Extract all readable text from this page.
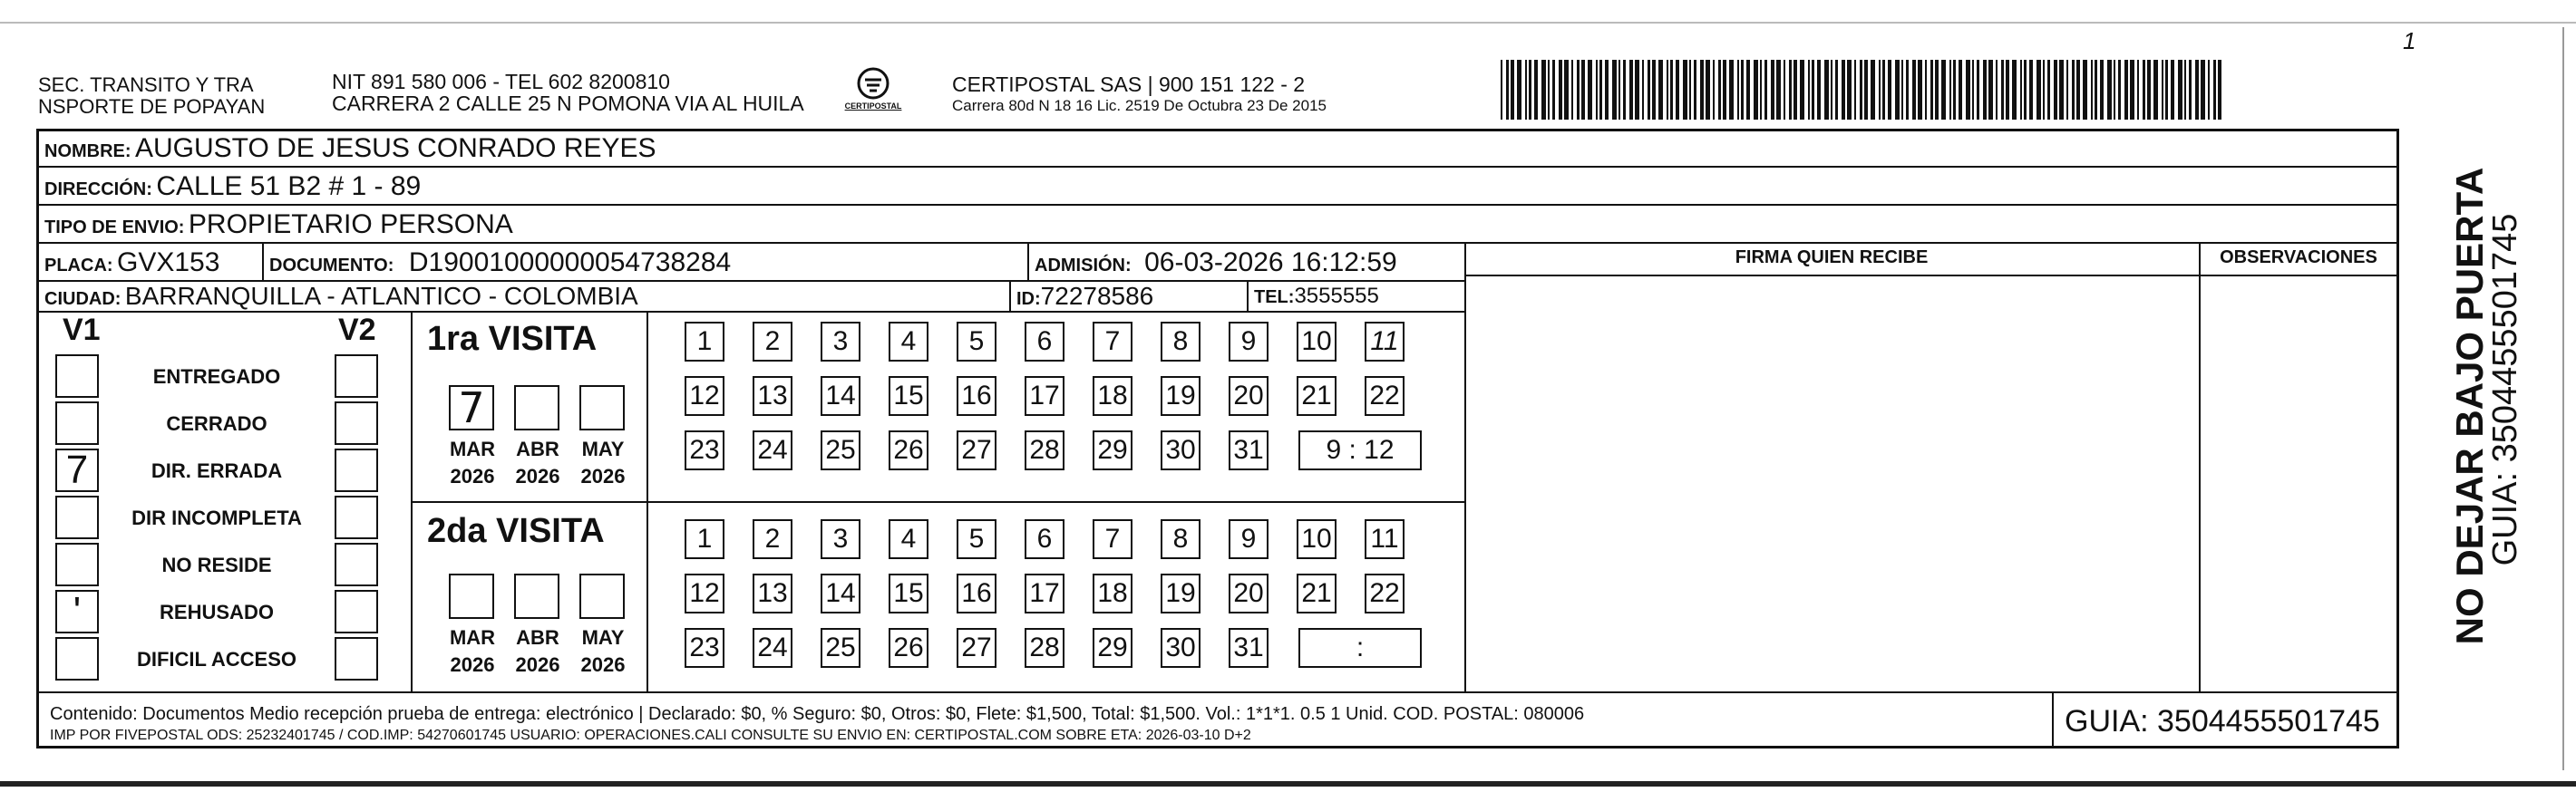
SEC. TRANSITO Y TRA
NSPORTE DE POPAYAN
NIT 891 580 006 - TEL 602 8200810
CARRERA 2 CALLE 25 N POMONA VIA AL HUILA	CERTIPOSTAL
CERTIPOSTAL SAS | 900 151 122 - 2
Carrera 80d N 18 16 Lic. 2519 De Octubra 23 De 2015
1
NOMBRE: AUGUSTO DE JESUS CONRADO REYES
DIRECCIÓN: CALLE 51 B2 # 1 - 89
TIPO DE ENVIO: PROPIETARIO PERSONA
FIRMA QUIEN RECIBE	OBSERVACIONES
PLACA: GVX153	DOCUMENTO: D19001000000054738284	ADMISIÓN: 06-03-2026 16:12:59
CIUDAD: BARRANQUILLA - ATLANTICO - COLOMBIA	ID:72278586	TEL:3555555
V1	V2
ENTREGADO
CERRADO
7	DIR. ERRADA
DIR INCOMPLETA
NO RESIDE
'	REHUSADO
DIFICIL ACCESO
1ra VISITA
2da VISITA
7
MAR
2026
ABR
2026
MAY
2026
MAR
2026
ABR
2026
MAY
2026
1	2	3	4	5	6	7	8	9	10 11
12 13 14 15 16 17 18 19 20 21 22
23 24 25 26 27 28 29 30 31	9 : 12
1	2	3	4	5	6	7	8	9	10 11
12 13 14 15 16 17 18 19 20 21 22
23 24 25 26 27 28 29 30 31	:
Contenido: Documentos Medio recepción prueba de entrega: electrónico | Declarado: $0, % Seguro: $0, Otros: $0, Flete: $1,500, Total: $1,500. Vol.: 1*1*1. 0.5 1 Unid. COD. POSTAL: 080006
IMP POR FIVEPOSTAL ODS: 25232401745 / COD.IMP: 54270601745 USUARIO: OPERACIONES.CALI CONSULTE SU ENVIO EN: CERTIPOSTAL.COM SOBRE ETA: 2026-03-10 D+2	GUIA: 3504455501745
NO DEJAR BAJO PUERTA
GUIA: 3504455501745
